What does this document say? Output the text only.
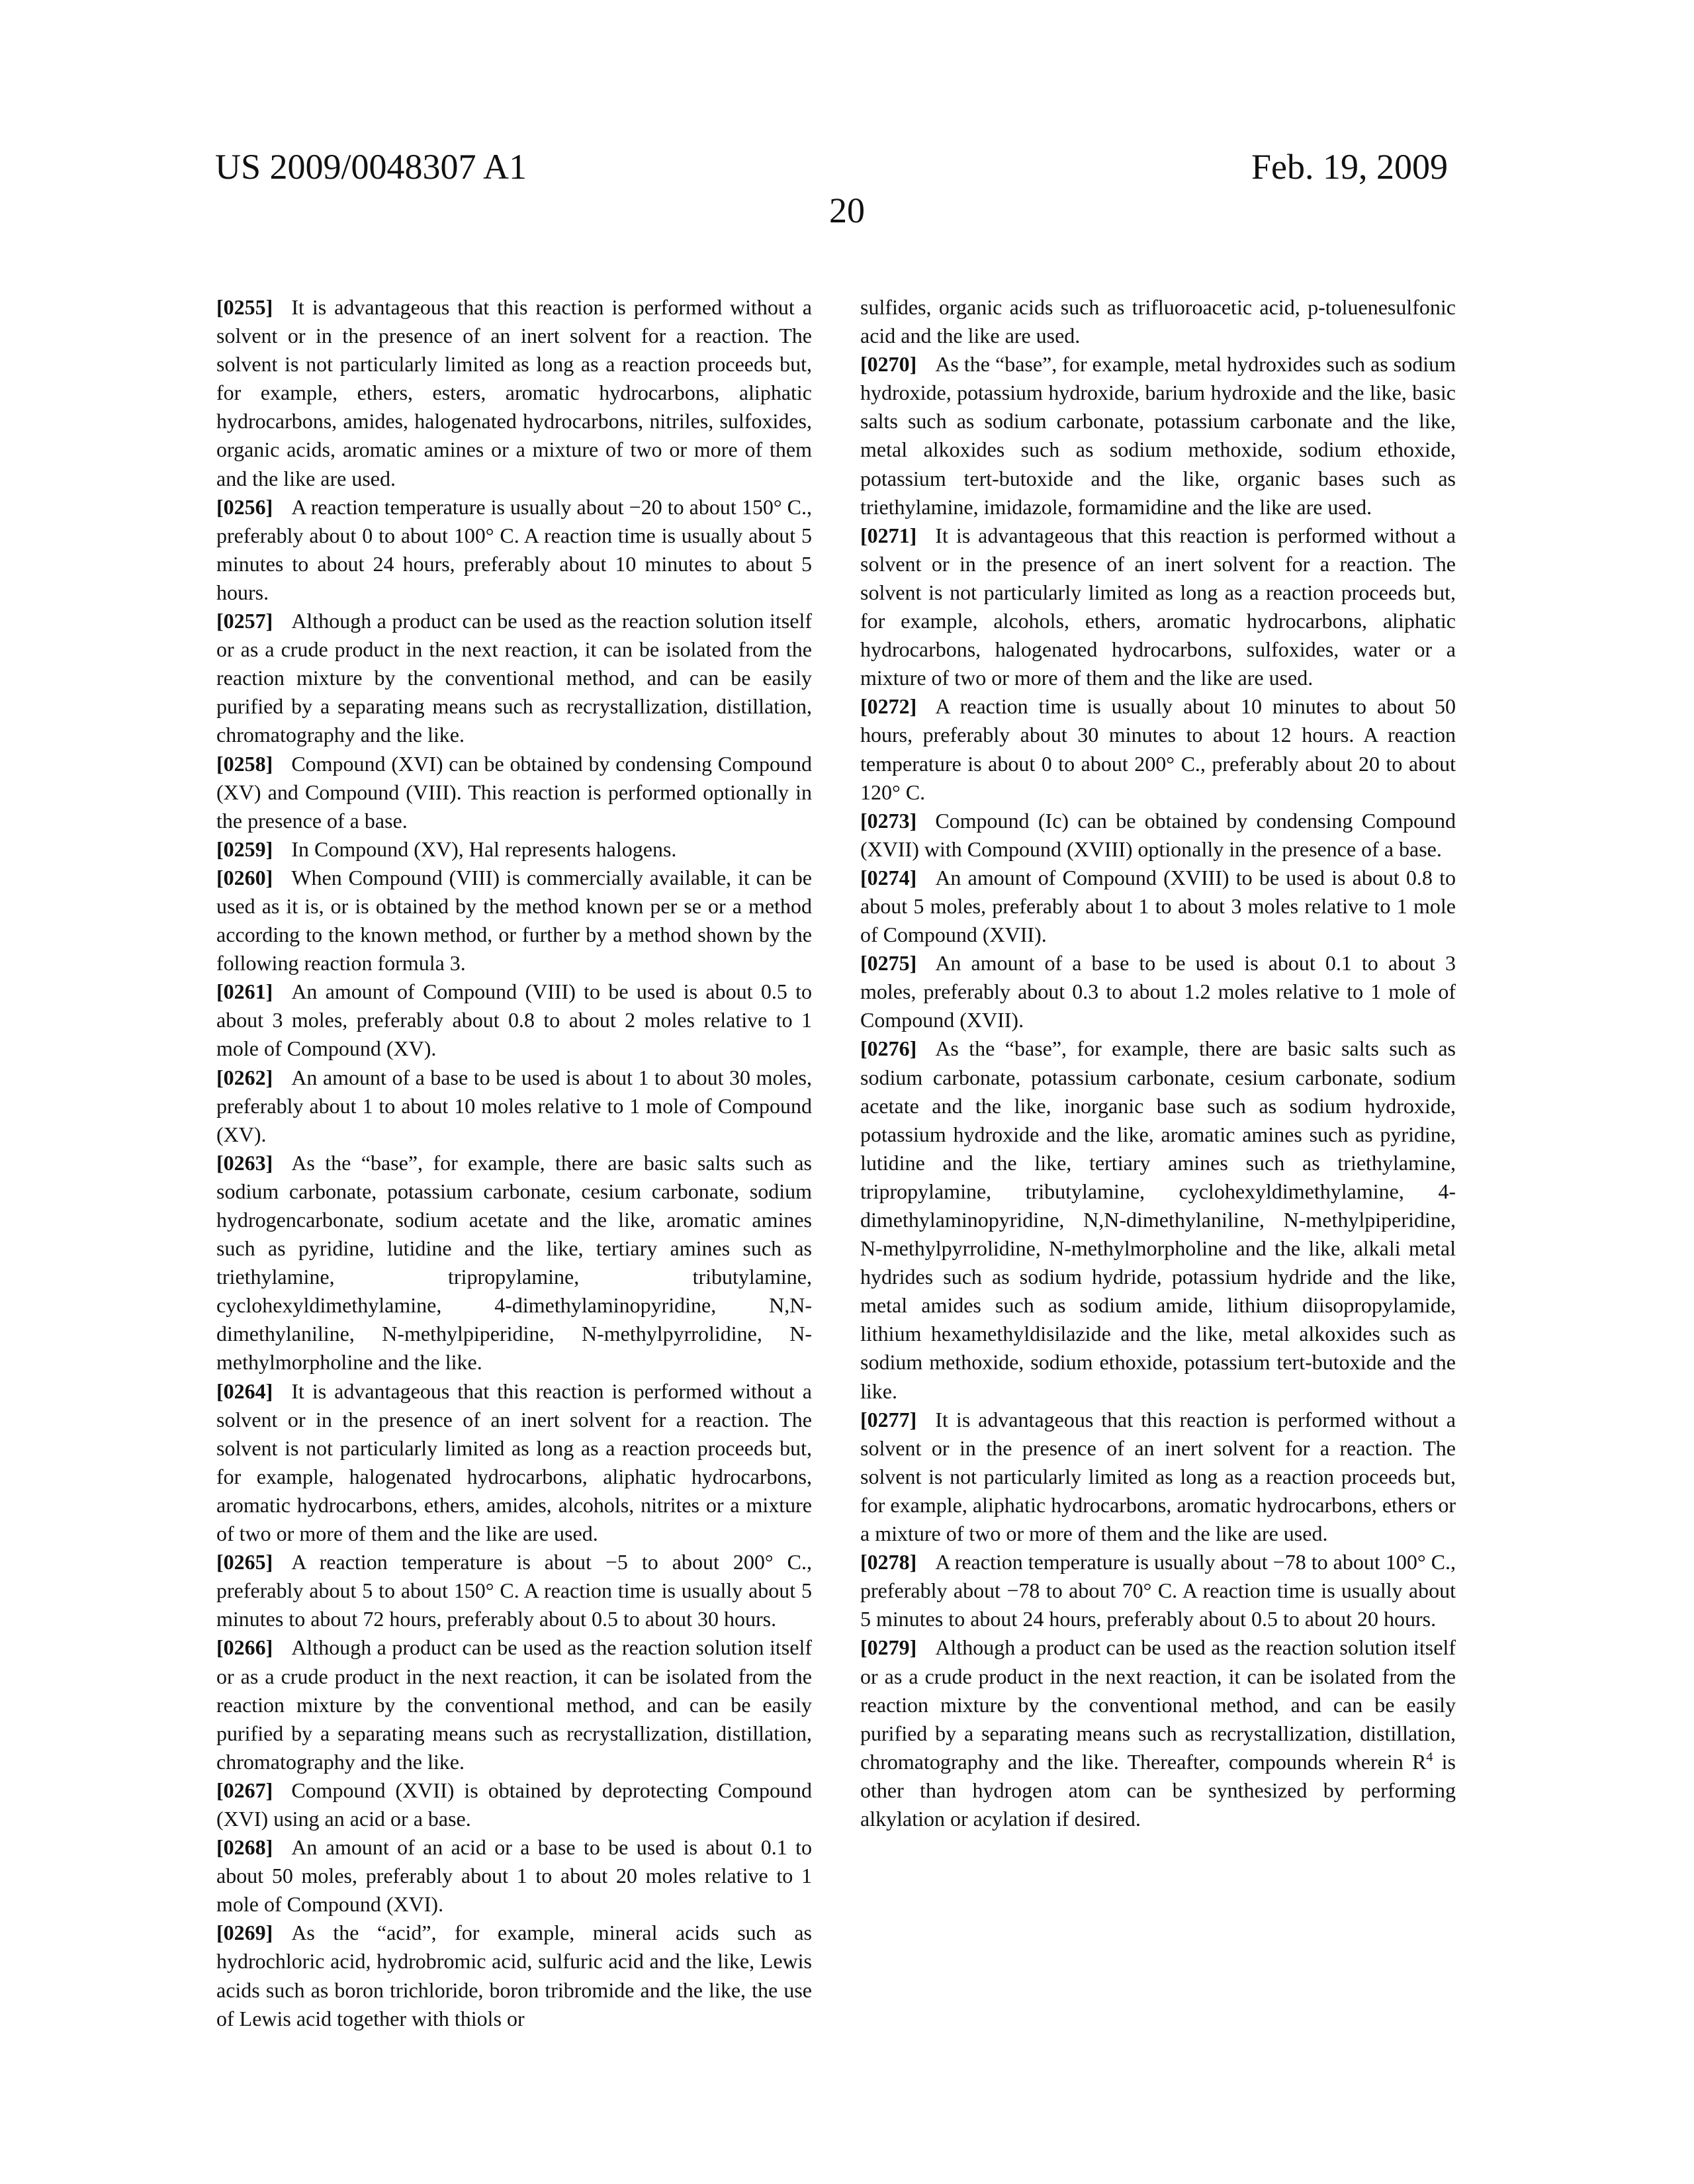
US 2009/0048307 A1	Feb. 19, 2009
20

[0255] It is advantageous that this reaction is performed without a solvent or in the presence of an inert solvent for a reaction. The solvent is not particularly limited as long as a reaction proceeds but, for example, ethers, esters, aromatic hydrocarbons, aliphatic hydrocarbons, amides, halogenated hydrocarbons, nitriles, sulfoxides, organic acids, aromatic amines or a mixture of two or more of them and the like are used.

[0256] A reaction temperature is usually about −20 to about 150° C., preferably about 0 to about 100° C. A reaction time is usually about 5 minutes to about 24 hours, preferably about 10 minutes to about 5 hours.

[0257] Although a product can be used as the reaction solution itself or as a crude product in the next reaction, it can be isolated from the reaction mixture by the conventional method, and can be easily purified by a separating means such as recrystallization, distillation, chromatography and the like.

[0258] Compound (XVI) can be obtained by condensing Compound (XV) and Compound (VIII). This reaction is performed optionally in the presence of a base.

[0259] In Compound (XV), Hal represents halogens.

[0260] When Compound (VIII) is commercially available, it can be used as it is, or is obtained by the method known per se or a method according to the known method, or further by a method shown by the following reaction formula 3.

[0261] An amount of Compound (VIII) to be used is about 0.5 to about 3 moles, preferably about 0.8 to about 2 moles relative to 1 mole of Compound (XV).

[0262] An amount of a base to be used is about 1 to about 30 moles, preferably about 1 to about 10 moles relative to 1 mole of Compound (XV).

[0263] As the “base”, for example, there are basic salts such as sodium carbonate, potassium carbonate, cesium carbonate, sodium hydrogencarbonate, sodium acetate and the like, aromatic amines such as pyridine, lutidine and the like, tertiary amines such as triethylamine, tripropylamine, tributylamine, cyclohexyldimethylamine, 4-dimethylaminopyridine, N,N-dimethylaniline, N-methylpiperidine, N-methylpyrrolidine, N-methylmorpholine and the like.

[0264] It is advantageous that this reaction is performed without a solvent or in the presence of an inert solvent for a reaction. The solvent is not particularly limited as long as a reaction proceeds but, for example, halogenated hydrocarbons, aliphatic hydrocarbons, aromatic hydrocarbons, ethers, amides, alcohols, nitrites or a mixture of two or more of them and the like are used.

[0265] A reaction temperature is about −5 to about 200° C., preferably about 5 to about 150° C. A reaction time is usually about 5 minutes to about 72 hours, preferably about 0.5 to about 30 hours.

[0266] Although a product can be used as the reaction solution itself or as a crude product in the next reaction, it can be isolated from the reaction mixture by the conventional method, and can be easily purified by a separating means such as recrystallization, distillation, chromatography and the like.

[0267] Compound (XVII) is obtained by deprotecting Compound (XVI) using an acid or a base.

[0268] An amount of an acid or a base to be used is about 0.1 to about 50 moles, preferably about 1 to about 20 moles relative to 1 mole of Compound (XVI).

[0269] As the “acid”, for example, mineral acids such as hydrochloric acid, hydrobromic acid, sulfuric acid and the like, Lewis acids such as boron trichloride, boron tribromide and the like, the use of Lewis acid together with thiols or

sulfides, organic acids such as trifluoroacetic acid, p-toluenesulfonic acid and the like are used.

[0270] As the “base”, for example, metal hydroxides such as sodium hydroxide, potassium hydroxide, barium hydroxide and the like, basic salts such as sodium carbonate, potassium carbonate and the like, metal alkoxides such as sodium methoxide, sodium ethoxide, potassium tert-butoxide and the like, organic bases such as triethylamine, imidazole, formamidine and the like are used.

[0271] It is advantageous that this reaction is performed without a solvent or in the presence of an inert solvent for a reaction. The solvent is not particularly limited as long as a reaction proceeds but, for example, alcohols, ethers, aromatic hydrocarbons, aliphatic hydrocarbons, halogenated hydrocarbons, sulfoxides, water or a mixture of two or more of them and the like are used.

[0272] A reaction time is usually about 10 minutes to about 50 hours, preferably about 30 minutes to about 12 hours. A reaction temperature is about 0 to about 200° C., preferably about 20 to about 120° C.

[0273] Compound (Ic) can be obtained by condensing Compound (XVII) with Compound (XVIII) optionally in the presence of a base.

[0274] An amount of Compound (XVIII) to be used is about 0.8 to about 5 moles, preferably about 1 to about 3 moles relative to 1 mole of Compound (XVII).

[0275] An amount of a base to be used is about 0.1 to about 3 moles, preferably about 0.3 to about 1.2 moles relative to 1 mole of Compound (XVII).

[0276] As the “base”, for example, there are basic salts such as sodium carbonate, potassium carbonate, cesium carbonate, sodium acetate and the like, inorganic base such as sodium hydroxide, potassium hydroxide and the like, aromatic amines such as pyridine, lutidine and the like, tertiary amines such as triethylamine, tripropylamine, tributylamine, cyclohexyldimethylamine, 4-dimethylaminopyridine, N,N-dimethylaniline, N-methylpiperidine, N-methylpyrrolidine, N-methylmorpholine and the like, alkali metal hydrides such as sodium hydride, potassium hydride and the like, metal amides such as sodium amide, lithium diisopropylamide, lithium hexamethyldisilazide and the like, metal alkoxides such as sodium methoxide, sodium ethoxide, potassium tert-butoxide and the like.

[0277] It is advantageous that this reaction is performed without a solvent or in the presence of an inert solvent for a reaction. The solvent is not particularly limited as long as a reaction proceeds but, for example, aliphatic hydrocarbons, aromatic hydrocarbons, ethers or a mixture of two or more of them and the like are used.

[0278] A reaction temperature is usually about −78 to about 100° C., preferably about −78 to about 70° C. A reaction time is usually about 5 minutes to about 24 hours, preferably about 0.5 to about 20 hours.

[0279] Although a product can be used as the reaction solution itself or as a crude product in the next reaction, it can be isolated from the reaction mixture by the conventional method, and can be easily purified by a separating means such as recrystallization, distillation, chromatography and the like. Thereafter, compounds wherein R4 is other than hydrogen atom can be synthesized by performing alkylation or acylation if desired.
